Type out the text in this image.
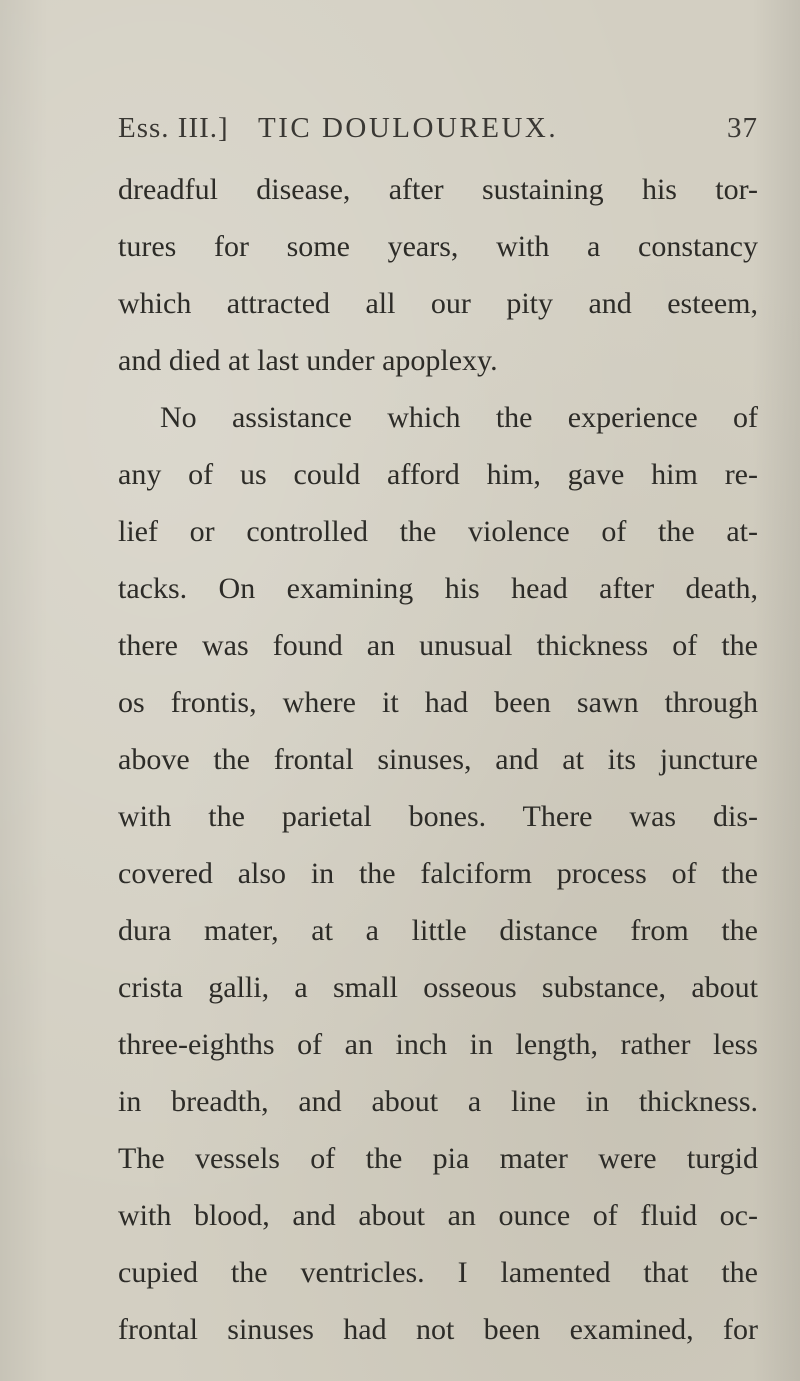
Ess. III.] TIC DOULOUREUX.	37
dreadful disease, after sustaining his tor-
tures for some years, with a constancy
which attracted all our pity and esteem,
and died at last under apoplexy.
No assistance which the experience of
any of us could afford him, gave him re-
lief or controlled the violence of the at-
tacks. On examining his head after death,
there was found an unusual thickness of the
os frontis, where it had been sawn through
above the frontal sinuses, and at its juncture
with the parietal bones. There was dis-
covered also in the falciform process of the
dura mater, at a little distance from the
crista galli, a small osseous substance, about
three-eighths of an inch in length, rather less
in breadth, and about a line in thickness.
The vessels of the pia mater were turgid
with blood, and about an ounce of fluid oc-
cupied the ventricles. I lamented that the
frontal sinuses had not been examined, for
